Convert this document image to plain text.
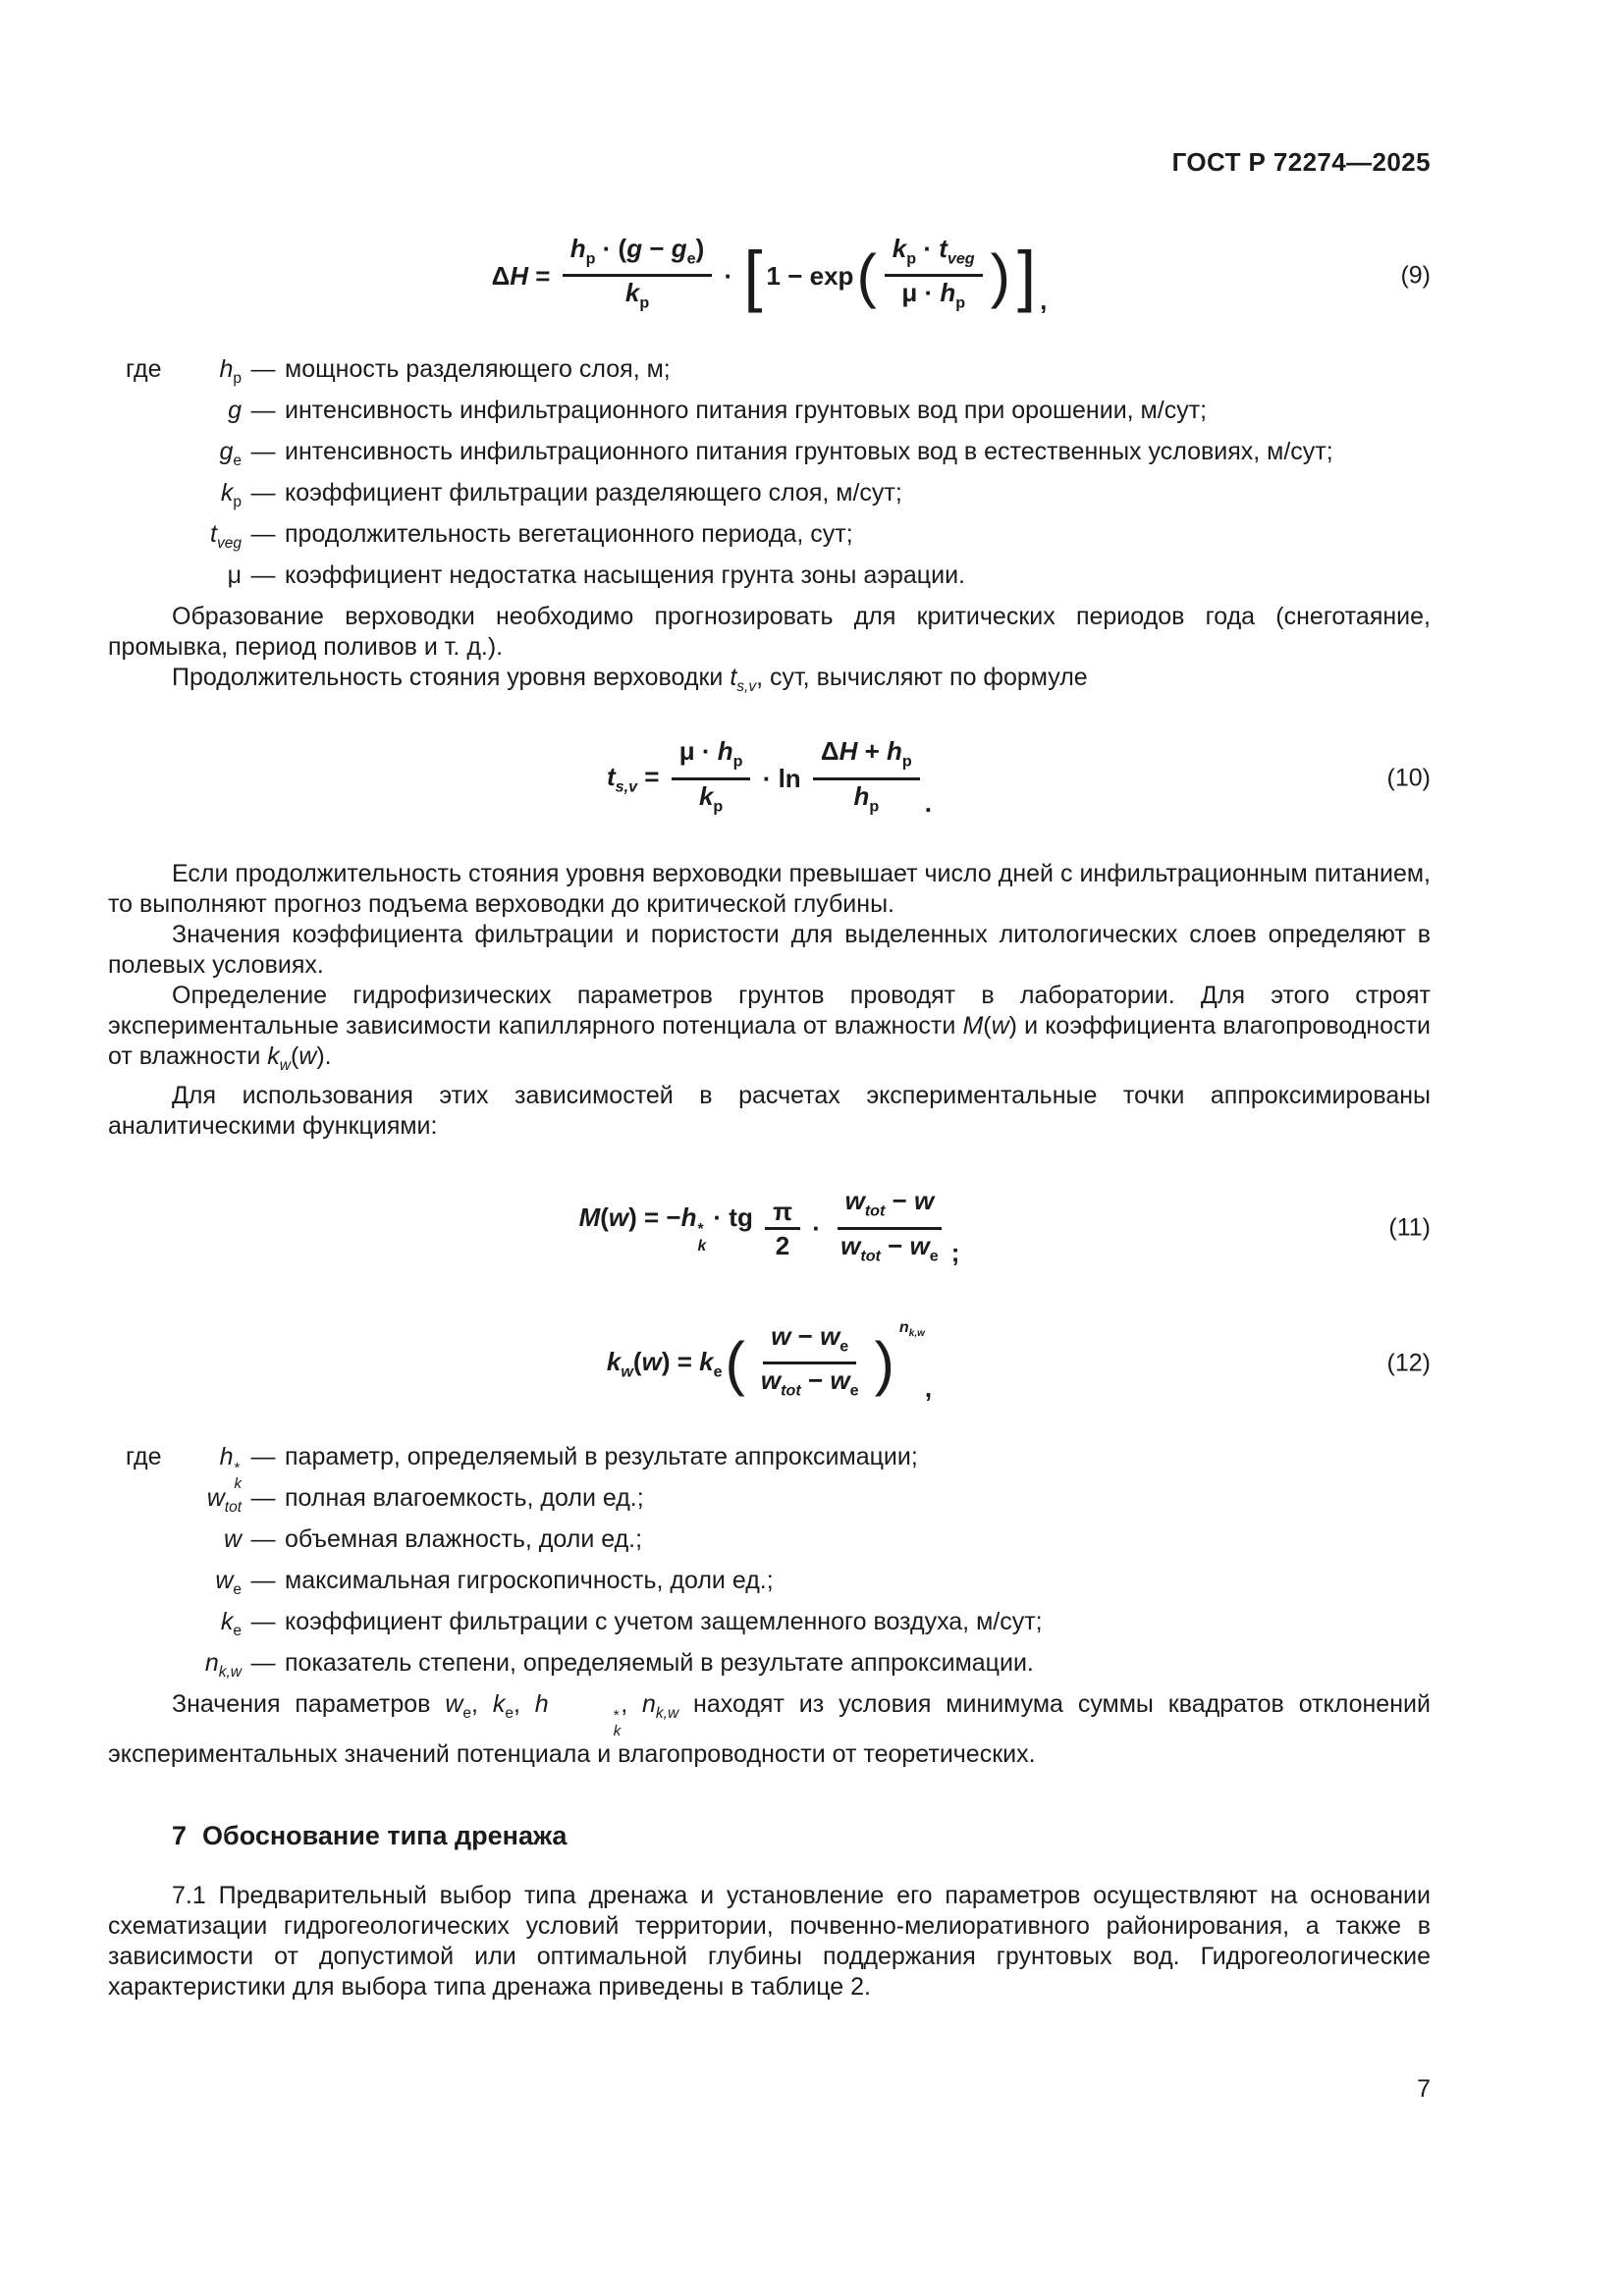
ГОСТ Р 72274—2025
$\Delta H = \frac{h_p \cdot (g - g_e)}{k_p}$ · [ 1 − exp ( $\frac{k_p \cdot t_{veg}}{\mu \cdot h_p}$ ) ] ,
(9)
где	$h_p$ — мощность разделяющего слоя, м;
g — интенсивность инфильтрационного питания грунтовых вод при орошении, м/сут;
$g_e$ — интенсивность инфильтрационного питания грунтовых вод в естественных условиях, м/сут;
$k_p$ — коэффициент фильтрации разделяющего слоя, м/сут;
$t_{veg}$ — продолжительность вегетационного периода, сут;
μ — коэффициент недостатка насыщения грунта зоны аэрации.

Образование верховодки необходимо прогнозировать для критических периодов года (снеготаяние, промывка, период поливов и т. д.).

Продолжительность стояния уровня верховодки $t_{s,v}$, сут, вычисляют по формуле

$t_{s,v} = \frac{\mu \cdot h_p}{k_p} \cdot \ln \frac{\Delta H + h_p}{h_p}$ .
(10)

Если продолжительность стояния уровня верховодки превышает число дней с инфильтрационным питанием, то выполняют прогноз подъема верховодки до критической глубины.

Значения коэффициента фильтрации и пористости для выделенных литологических слоев определяют в полевых условиях.

Определение гидрофизических параметров грунтов проводят в лаборатории. Для этого строят экспериментальные зависимости капиллярного потенциала от влажности M(w) и коэффициента влагопроводности от влажности $k_w(w)$.

Для использования этих зависимостей в расчетах экспериментальные точки аппроксимированы аналитическими функциями:

M(w) = −h *
k
· tg $\frac{\pi}{2} \cdot \frac{w_{tot} - w}{w_{tot} - w_e}$ ;
(11)
$k_w(w) = k_e$ ( $\frac{w - w_e}{w_{tot} - w_e}$ )
$n_{k,w}$
,
(12)
где	h *
k
— параметр, определяемый в результате аппроксимации;
$w_{tot}$ — полная влагоемкость, доли ед.;
w — объемная влажность, доли ед.;
$w_e$ — максимальная гигроскопичность, доли ед.;
$k_e$ — коэффициент фильтрации с учетом защемленного воздуха, м/сут;
$n_{k,w}$ — показатель степени, определяемый в результате аппроксимации.

Значения параметров $w_e$, $k_e$, h	*
k
, $n_{k,w}$ находят из условия минимума суммы квадратов отклонений экспериментальных значений потенциала и влагопроводности от теоретических.

7 Обоснование типа дренажа

7.1 Предварительный выбор типа дренажа и установление его параметров осуществляют на основании схематизации гидрогеологических условий территории, почвенно-мелиоративного районирования, а также в зависимости от допустимой или оптимальной глубины поддержания грунтовых вод. Гидрогеологические характеристики для выбора типа дренажа приведены в таблице 2.

7
